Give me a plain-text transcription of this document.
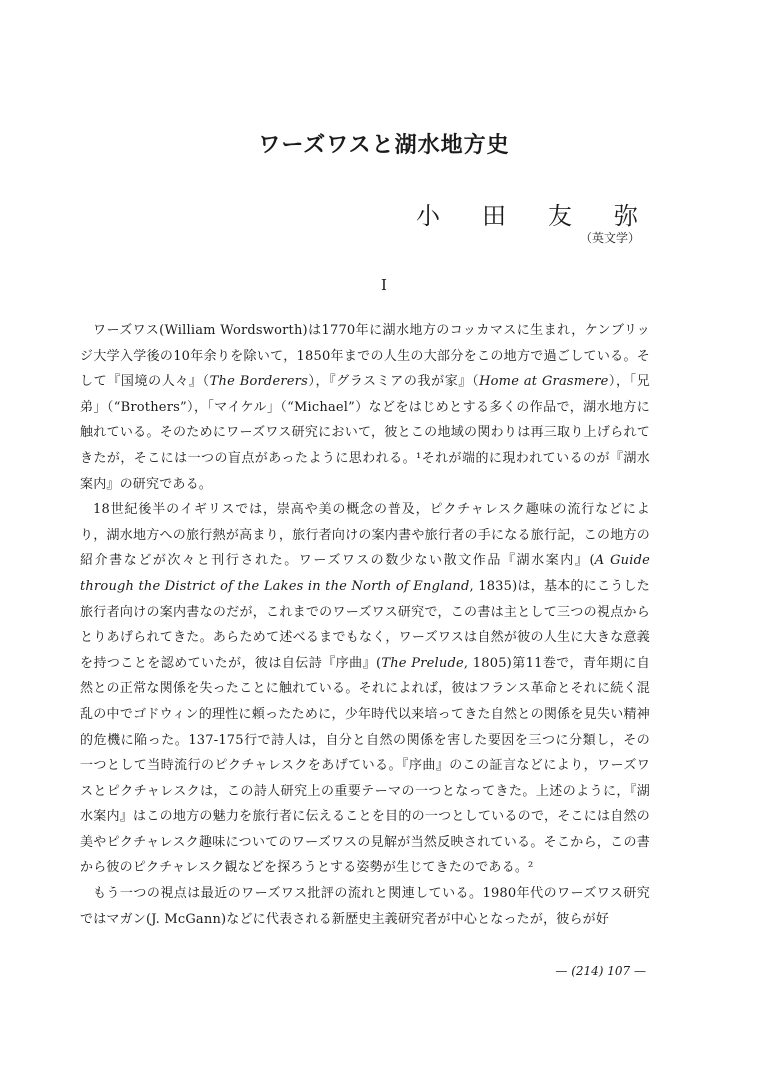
ワーズワスと湖水地方史
小 田 友 弥
（英文学）
I

ワーズワス(William Wordsworth)は1770年に湖水地方のコッカマスに生まれ，ケンブリッジ大学入学後の10年余りを除いて，1850年までの人生の大部分をこの地方で過ごしている。そして『国境の人々』（The Borderers），『グラスミアの我が家』（Home at Grasmere），「兄弟」（“Brothers”），「マイケル」（“Michael”）などをはじめとする多くの作品で，湖水地方に触れている。そのためにワーズワス研究において，彼とこの地域の関わりは再三取り上げられてきたが，そこには一つの盲点があったように思われる。¹それが端的に現われているのが『湖水案内』の研究である。

18世紀後半のイギリスでは，崇高や美の概念の普及，ピクチャレスク趣味の流行などにより，湖水地方への旅行熱が高まり，旅行者向けの案内書や旅行者の手になる旅行記，この地方の紹介書などが次々と刊行された。ワーズワスの数少ない散文作品『湖水案内』(A Guide through the District of the Lakes in the North of England, 1835)は，基本的にこうした旅行者向けの案内書なのだが，これまでのワーズワス研究で，この書は主として三つの視点からとりあげられてきた。あらためて述べるまでもなく，ワーズワスは自然が彼の人生に大きな意義を持つことを認めていたが，彼は自伝詩『序曲』(The Prelude, 1805)第11巻で，青年期に自然との正常な関係を失ったことに触れている。それによれば，彼はフランス革命とそれに続く混乱の中でゴドウィン的理性に頼ったために，少年時代以来培ってきた自然との関係を見失い精神的危機に陥った。137-175行で詩人は，自分と自然の関係を害した要因を三つに分類し，その一つとして当時流行のピクチャレスクをあげている。『序曲』のこの証言などにより，ワーズワスとピクチャレスクは，この詩人研究上の重要テーマの一つとなってきた。上述のように，『湖水案内』はこの地方の魅力を旅行者に伝えることを目的の一つとしているので，そこには自然の美やピクチャレスク趣味についてのワーズワスの見解が当然反映されている。そこから，この書から彼のピクチャレスク観などを探ろうとする姿勢が生じてきたのである。²

もう一つの視点は最近のワーズワス批評の流れと関連している。1980年代のワーズワス研究ではマガン(J. McGann)などに代表される新歴史主義研究者が中心となったが，彼らが好

— (214) 107 —
